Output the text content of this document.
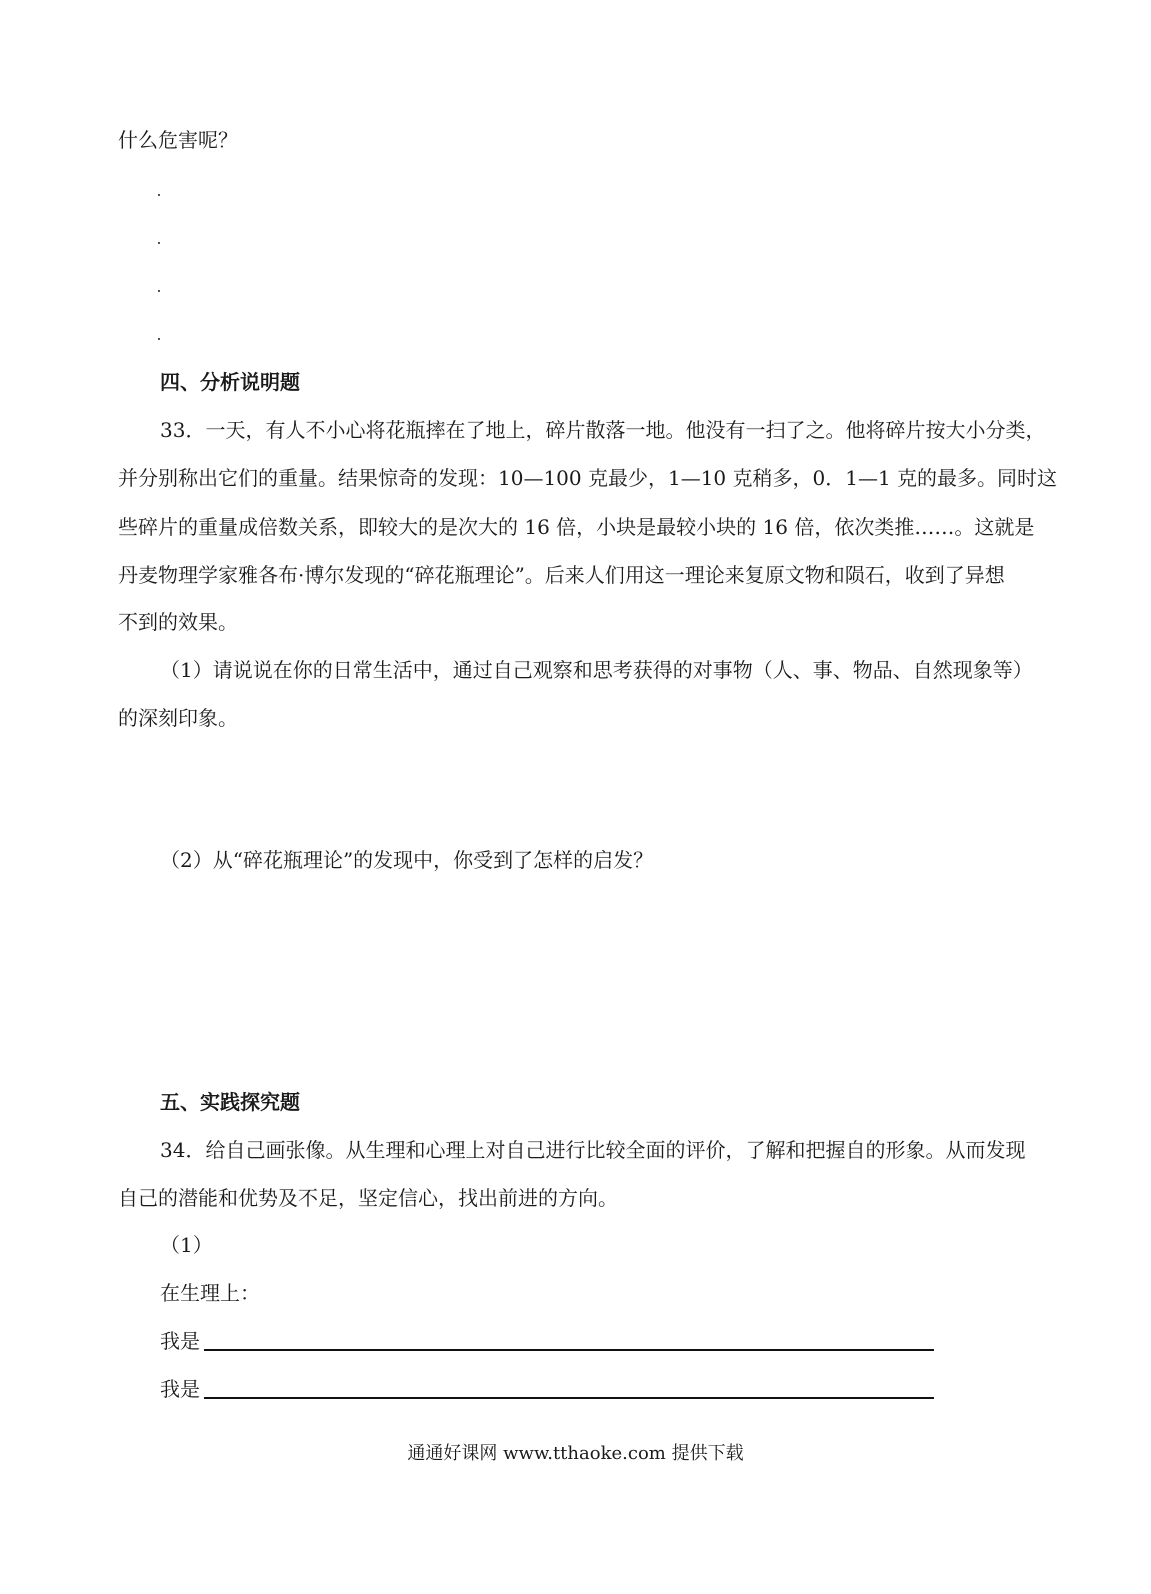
什么危害呢？
四、分析说明题
33．一天，有人不小心将花瓶摔在了地上，碎片散落一地。他没有一扫了之。他将碎片按大小分类，
并分别称出它们的重量。结果惊奇的发现：10—100 克最少，1—10 克稍多，0．1—1 克的最多。同时这
些碎片的重量成倍数关系，即较大的是次大的 16 倍，小块是最较小块的 16 倍，依次类推……。这就是
丹麦物理学家雅各布·博尔发现的“碎花瓶理论”。后来人们用这一理论来复原文物和陨石，收到了异想
不到的效果。
（1）请说说在你的日常生活中，通过自己观察和思考获得的对事物（人、事、物品、自然现象等）
的深刻印象。
（2）从“碎花瓶理论”的发现中，你受到了怎样的启发？
五、实践探究题
34．给自己画张像。从生理和心理上对自己进行比较全面的评价，了解和把握自的形象。从而发现
自己的潜能和优势及不足，坚定信心，找出前进的方向。
（1）
在生理上：
我是
我是
通通好课网 www.tthaoke.com 提供下载
